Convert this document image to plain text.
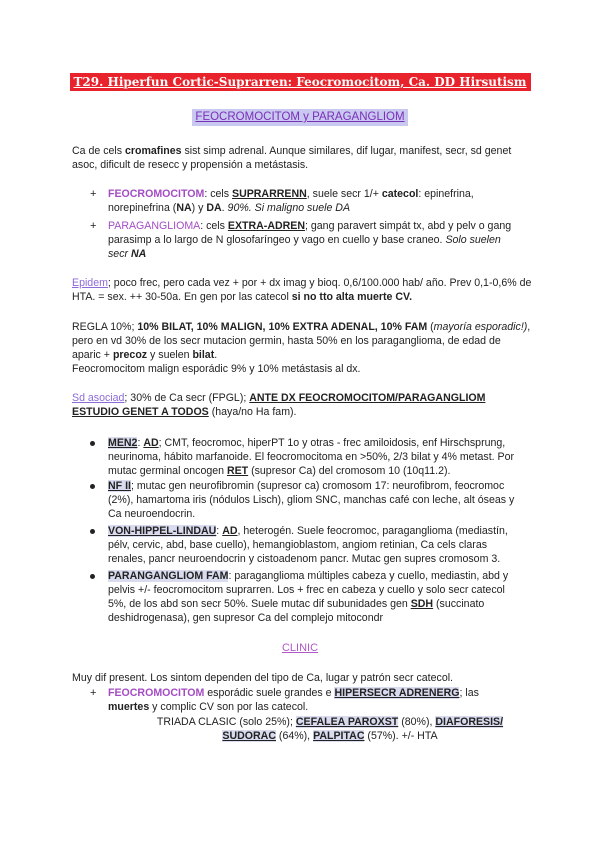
T29. Hiperfun Cortic-Suprarren: Feocromocitom, Ca. DD Hirsutism
FEOCROMOCITOM y PARAGANGLIOM

Ca de cels cromafines sist simp adrenal. Aunque similares, dif lugar, manifest, secr, sd genet asoc, dificult de resecc y propensión a metástasis.

+	FEOCROMOCITOM: cels SUPRARRENN, suele secr 1/+ catecol: epinefrina, norepinefrina (NA) y DA. 90%. Si maligno suele DA
+	PARAGANGLIOMA: cels EXTRA-ADREN; gang paravert simpát tx, abd y pelv o gang parasimp a lo largo de N glosofaríngeo y vago en cuello y base craneo. Solo suelen secr NA

Epidem; poco frec, pero cada vez + por + dx imag y bioq. 0,6/100.000 hab/ año. Prev 0,1-0,6% de HTA. = sex. ++ 30-50a. En gen por las catecol si no tto alta muerte CV.

REGLA 10%; 10% BILAT, 10% MALIGN, 10% EXTRA ADENAL, 10% FAM (mayoría esporadic!), pero en vd 30% de los secr mutacion germin, hasta 50% en los paraganglioma, de edad de aparic + precoz y suelen bilat.

Feocromocitom malign esporádic 9% y 10% metástasis al dx.

Sd asociad; 30% de Ca secr (FPGL); ANTE DX FEOCROMOCITOM/PARAGANGLIOM ESTUDIO GENET A TODOS (haya/no Ha fam).

MEN2: AD; CMT, feocromoc, hiperPT 1o y otras - frec amiloidosis, enf Hirschsprung, neurinoma, hábito marfanoide. El feocromocitoma en >50%, 2/3 bilat y 4% metast. Por mutac germinal oncogen RET (supresor Ca) del cromosom 10 (10q11.2).
NF II; mutac gen neurofibromin (supresor ca) cromosom 17: neurofibrom, feocromoc (2%), hamartoma iris (nódulos Lisch), gliom SNC, manchas café con leche, alt óseas y Ca neuroendocrin.
VON-HIPPEL-LINDAU: AD, heterogén. Suele feocromoc, paraganglioma (mediastín, pélv, cervic, abd, base cuello), hemangioblastom, angiom retinian, Ca cels claras renales, pancr neuroendocrin y cistoadenom pancr. Mutac gen supres cromosom 3.
PARANGANGLIOM FAM: paraganglioma múltiples cabeza y cuello, mediastin, abd y pelvis +/- feocromocitom suprarren. Los + frec en cabeza y cuello y solo secr catecol 5%, de los abd son secr 50%. Suele mutac dif subunidades gen SDH (succinato deshidrogenasa), gen supresor Ca del complejo mitocondr
CLINIC

Muy dif present. Los sintom dependen del tipo de Ca, lugar y patrón secr catecol.

+	FEOCROMOCITOM esporádic suele grandes e HIPERSECR ADRENERG; las muertes y complic CV son por las catecol.

TRIADA CLASIC (solo 25%); CEFALEA PAROXST (80%), DIAFORESIS/ SUDORAC (64%), PALPITAC (57%). +/- HTA
